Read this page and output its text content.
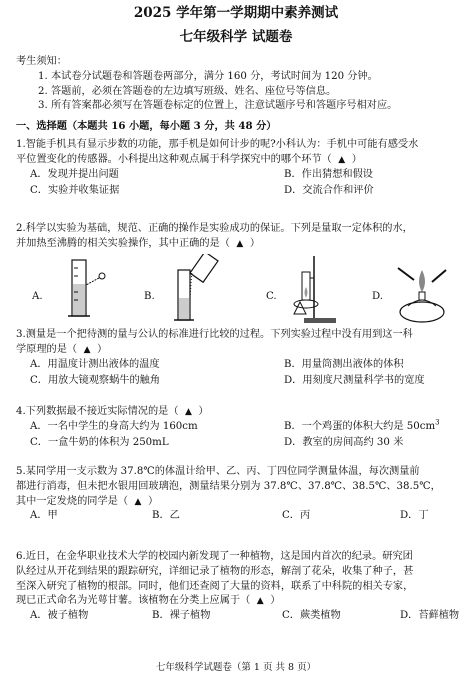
2025 学年第一学期期中素养测试
七年级科学 试题卷
考生须知：
1. 本试卷分试题卷和答题卷两部分，满分 160 分，考试时间为 120 分钟。
2. 答题前，必须在答题卷的左边填写班级、姓名、座位号等信息。
3. 所有答案都必须写在答题卷标定的位置上，注意试题序号和答题序号相对应。
一、选择题（本题共 16 小题，每小题 3 分，共 48 分）
1.智能手机具有显示步数的功能，那手机是如何计步的呢?小科认为：手机中可能有感受水
平位置变化的传感器。小科提出这种观点属于科学探究中的哪个环节（ ▲ ）
A．发现并提出问题	B．作出猜想和假设
C．实验并收集证据	D．交流合作和评价
2.科学以实验为基础，规范、正确的操作是实验成功的保证。下列是量取一定体积的水，
并加热至沸腾的相关实验操作，其中正确的是（ ▲ ）
A.	B.	C.	D.
3.测量是一个把待测的量与公认的标准进行比较的过程。下列实验过程中没有用到这一科
学原理的是（ ▲ ）
A．用温度计测出液体的温度	B．用量筒测出液体的体积
C．用放大镜观察蜗牛的触角	D．用刻度尺测量科学书的宽度
4.下列数据最不接近实际情况的是（ ▲ ）
A．一名中学生的身高大约为 160cm	B．一个鸡蛋的体积大约是 $50cm^3$
C．一盒牛奶的体积为 250mL	D．教室的房间高约 30 米
5.某同学用一支示数为 37.8℃的体温计给甲、乙、丙、丁四位同学测量体温，每次测量前
都进行消毒，但未把水银用回玻璃泡，测量结果分别为 37.8℃、37.8℃、38.5℃、38.5℃，
其中一定发烧的同学是（ ▲ ）
A．甲	B．乙	C．丙	D．丁
6.近日，在金华职业技术大学的校园内新发现了一种植物，这是国内首次的纪录。研究团
队经过从开花到结果的跟踪研究，详细记录了植物的形态，解剖了花朵，收集了种子，甚
至深入研究了植物的根部。同时，他们还查阅了大量的资料，联系了中科院的相关专家，
现已正式命名为光萼甘薯。该植物在分类上应属于（ ▲ ）
A．被子植物	B．裸子植物	C．蕨类植物	D．苔藓植物
七年级科学试题卷（第 1 页 共 8 页）
